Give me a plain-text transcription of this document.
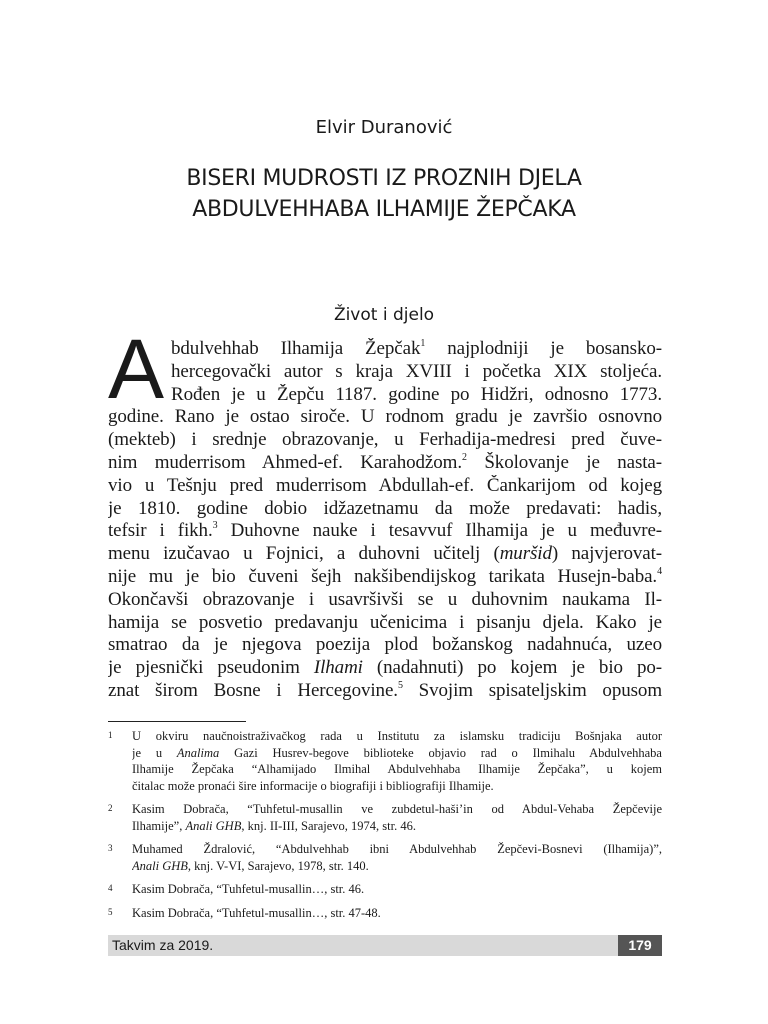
Elvir Duranović
BISERI MUDROSTI IZ PROZNIH DJELA
ABDULVEHHABA ILHAMIJE ŽEPČAKA
Život i djelo
A bdulvehhab Ilhamija Žepčak$^1$ najplodniji je bosansko-
hercegovački autor s kraja XVIII i početka XIX stoljeća.
Rođen je u Žepču 1187. godine po Hidžri, odnosno 1773.
godine. Rano je ostao siroče. U rodnom gradu je završio osnovno
(mekteb) i srednje obrazovanje, u Ferhadija-medresi pred čuve-
nim muderrisom Ahmed-ef. Karahodžom.$^2$ Školovanje je nasta-
vio u Tešnju pred muderrisom Abdullah-ef. Čankarijom od kojeg
je 1810. godine dobio idžazetnamu da može predavati: hadis,
tefsir i fikh.$^3$ Duhovne nauke i tesavvuf Ilhamija je u međuvre-
menu izučavao u Fojnici, a duhovni učitelj (muršid) najvjerovat-
nije mu je bio čuveni šejh nakšibendijskog tarikata Husejn-baba.$^4$
Okončavši obrazovanje i usavršivši se u duhovnim naukama Il-
hamija se posvetio predavanju učenicima i pisanju djela. Kako je
smatrao da je njegova poezija plod božanskog nadahnuća, uzeo
je pjesnički pseudonim Ilhami (nadahnuti) po kojem je bio po-
znat širom Bosne i Hercegovine.$^5$ Svojim spisateljskim opusom
1 U okviru naučnoistraživačkog rada u Institutu za islamsku tradiciju Bošnjaka autor
je u Analima Gazi Husrev-begove biblioteke objavio rad o Ilmihalu Abdulvehhaba
Ilhamije Žepčaka “Alhamijado Ilmihal Abdulvehhaba Ilhamije Žepčaka”, u kojem
čitalac može pronaći šire informacije o biografiji i bibliografiji Ilhamije.
2 Kasim Dobrača, “Tuhfetul-musallin ve zubdetul-haši’in od Abdul-Vehaba Žepčevije
Ilhamije”, Anali GHB, knj. II-III, Sarajevo, 1974, str. 46.
3 Muhamed Ždralović, “Abdulvehhab ibni Abdulvehhab Žepčevi-Bosnevi (Ilhamija)”,
Anali GHB, knj. V-VI, Sarajevo, 1978, str. 140.
4 Kasim Dobrača, “Tuhfetul-musallin…, str. 46.
5 Kasim Dobrača, “Tuhfetul-musallin…, str. 47-48.
Takvim za 2019.	179
